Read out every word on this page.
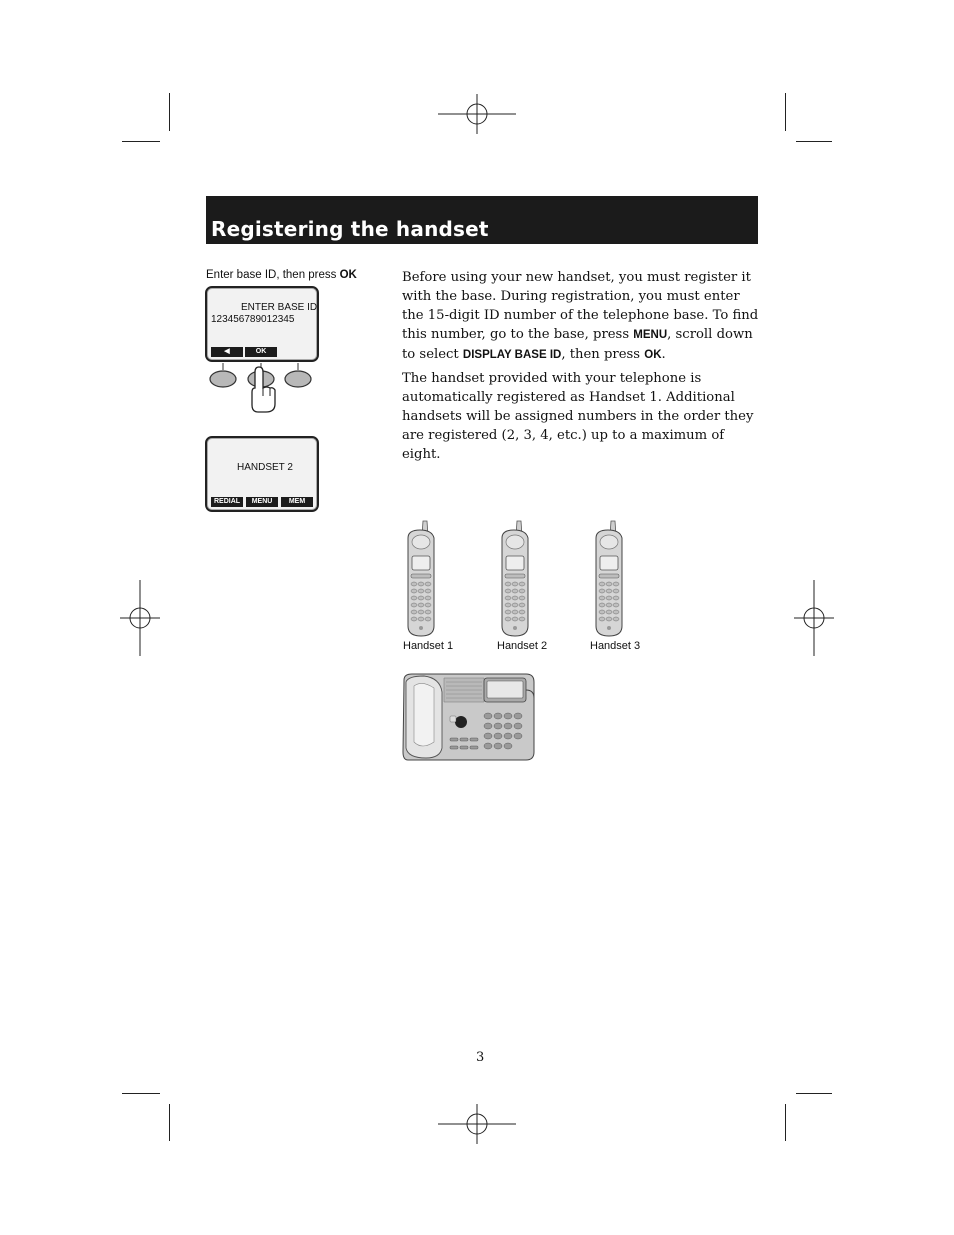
Registering the handset
Enter base ID, then press OK
ENTER BASE ID
123456789012345
◀	OK
HANDSET 2
REDIAL	MENU	MEM
Before using your new handset, you must register it with the base. During registration, you must enter the 15-digit ID number of the telephone base. To find this number, go to the base, press MENU, scroll down to select DISPLAY BASE ID, then press OK.
The handset provided with your telephone is automatically registered as Handset 1. Additional handsets will be assigned numbers in the order they are registered (2, 3, 4, etc.) up to a maximum of eight.
Handset 1	Handset 2	Handset 3
3
